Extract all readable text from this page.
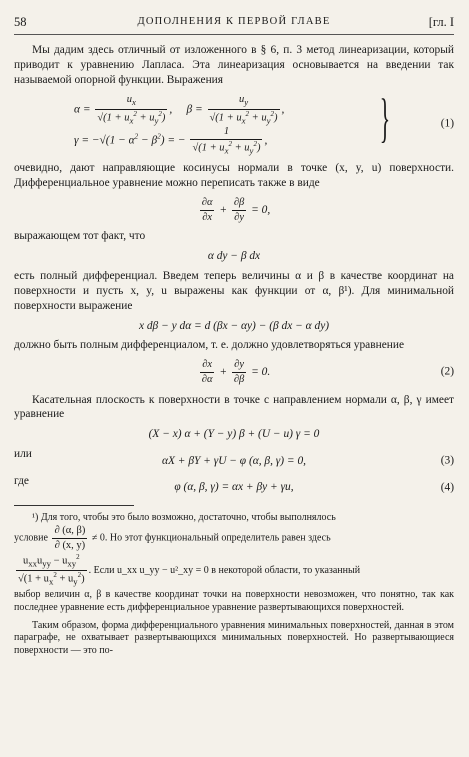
58	ДОПОЛНЕНИЯ К ПЕРВОЙ ГЛАВЕ	[гл. I

Мы дадим здесь отличный от изложенного в § 6, п. 3 метод линеаризации, который приводит к уравнению Лапласа. Эта линеаризация основывается на введении так называемой опорной функции. Выражения

$\alpha = \frac{u_x}{√(1 + u_x^2 + u_y^2)}$ ,     $\beta = \frac{u_y}{√(1 + u_x^2 + u_y^2)}$ ,
$\gamma = -√(1 - \alpha^2 - \beta^2)$ = − $\frac{1}{√(1 + u_x^2 + u_y^2)}$ ,	}	(1)

очевидно, дают направляющие косинусы нормали в точке (x, y, u) поверхности. Дифференциальное уравнение можно переписать также в виде

$\frac{\partial\alpha}{\partial x} + \frac{\partial\beta}{\partial y} = 0$,

выражающем тот факт, что

α dy − β dx

есть полный дифференциал. Введем теперь величины α и β в качестве координат на поверхности и пусть x, y, u выражены как функции от α, β¹). Для минимальной поверхности выражение

x dβ − y dα = d (βx − αy) − (β dx − α dy)

должно быть полным дифференциалом, т. е. должно удовлетворяться уравнение

$\frac{\partial x}{\partial\alpha} + \frac{\partial y}{\partial\beta} = 0$.	(2)

Касательная плоскость к поверхности в точке с направлением нормали α, β, γ имеет уравнение

(X − x) α + (Y − y) β + (U − u) γ = 0

или

αX + βY + γU − φ (α, β, γ) = 0,	(3)

где

φ (α, β, γ) = αx + βy + γu,	(4)

¹) Для того, чтобы это было возможно, достаточно, чтобы выполнялось

условие $\frac{\partial (\alpha, \beta)}{\partial (x, y)} \ne 0$. Но этот функциональный определитель равен здесь

$u_{xx}u_{yy} - u_{xy}^2$
$√(1 + u_x^2 + u_y^2)$
. Если u_xx u_yy − u²_xy = 0 в некоторой области, то указанный

выбор величин α, β в качестве координат точки на поверхности невозможен, что понятно, так как последнее уравнение есть дифференциальное уравнение развертывающихся поверхностей.

Таким образом, форма дифференциального уравнения минимальных поверхностей, данная в этом параграфе, не охватывает развертывающихся минимальных поверхностей. Но развертывающиеся поверхности — это по-
